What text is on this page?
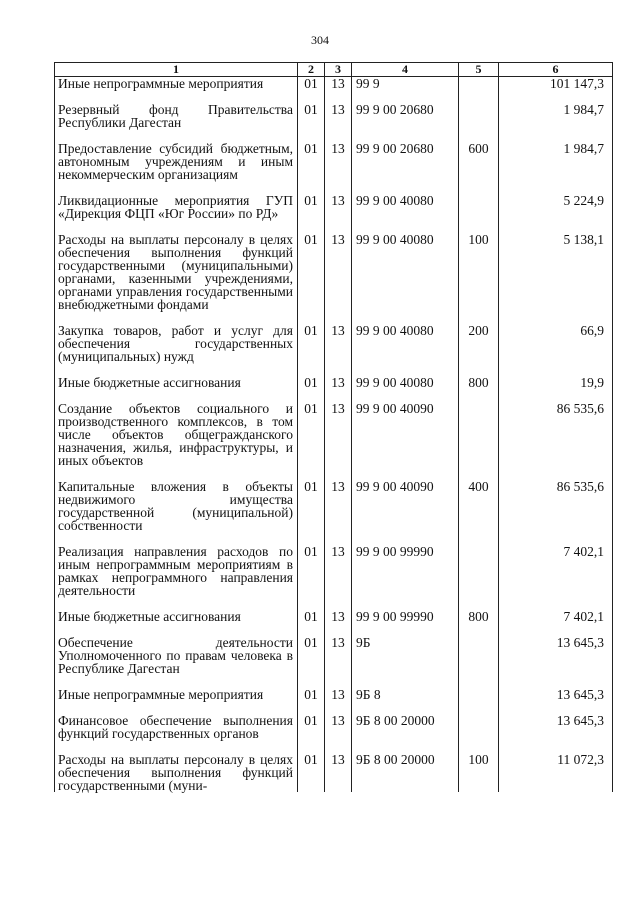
304
1	2	3	4	5	6
Иные непрограммные мероприятия	01	13	99 9		101 147,3

Резервный фонд Правительства Республики Дагестан	01	13	99 9 00 20680		1 984,7

Предоставление субсидий бюджетным, автономным учреждениям и иным некоммерческим организациям	01	13	99 9 00 20680	600	1 984,7

Ликвидационные мероприятия ГУП «Дирекция ФЦП «Юг России» по РД»	01	13	99 9 00 40080		5 224,9

Расходы на выплаты персоналу в целях обеспечения выполнения функций государственными (муниципальными) органами, казенными учреждениями, органами управления государственными внебюджетными фондами	01	13	99 9 00 40080	100	5 138,1

Закупка товаров, работ и услуг для обеспечения государственных (муниципальных) нужд	01	13	99 9 00 40080	200	66,9

Иные бюджетные ассигнования	01	13	99 9 00 40080	800	19,9

Создание объектов социального и производственного комплексов, в том числе объектов общегражданского назначения, жилья, инфраструктуры, и иных объектов	01	13	99 9 00 40090		86 535,6

Капитальные вложения в объекты недвижимого имущества государственной (муниципальной) собственности	01	13	99 9 00 40090	400	86 535,6

Реализация направления расходов по иным непрограммным мероприятиям в рамках непрограммного направления деятельности	01	13	99 9 00 99990		7 402,1

Иные бюджетные ассигнования	01	13	99 9 00 99990	800	7 402,1

Обеспечение деятельности Уполномоченного по правам человека в Республике Дагестан	01	13	9Б		13 645,3

Иные непрограммные мероприятия	01	13	9Б 8		13 645,3

Финансовое обеспечение выполнения функций государственных органов	01	13	9Б 8 00 20000		13 645,3

Расходы на выплаты персоналу в целях обеспечения выполнения функций государственными (муни-	01	13	9Б 8 00 20000	100	11 072,3
